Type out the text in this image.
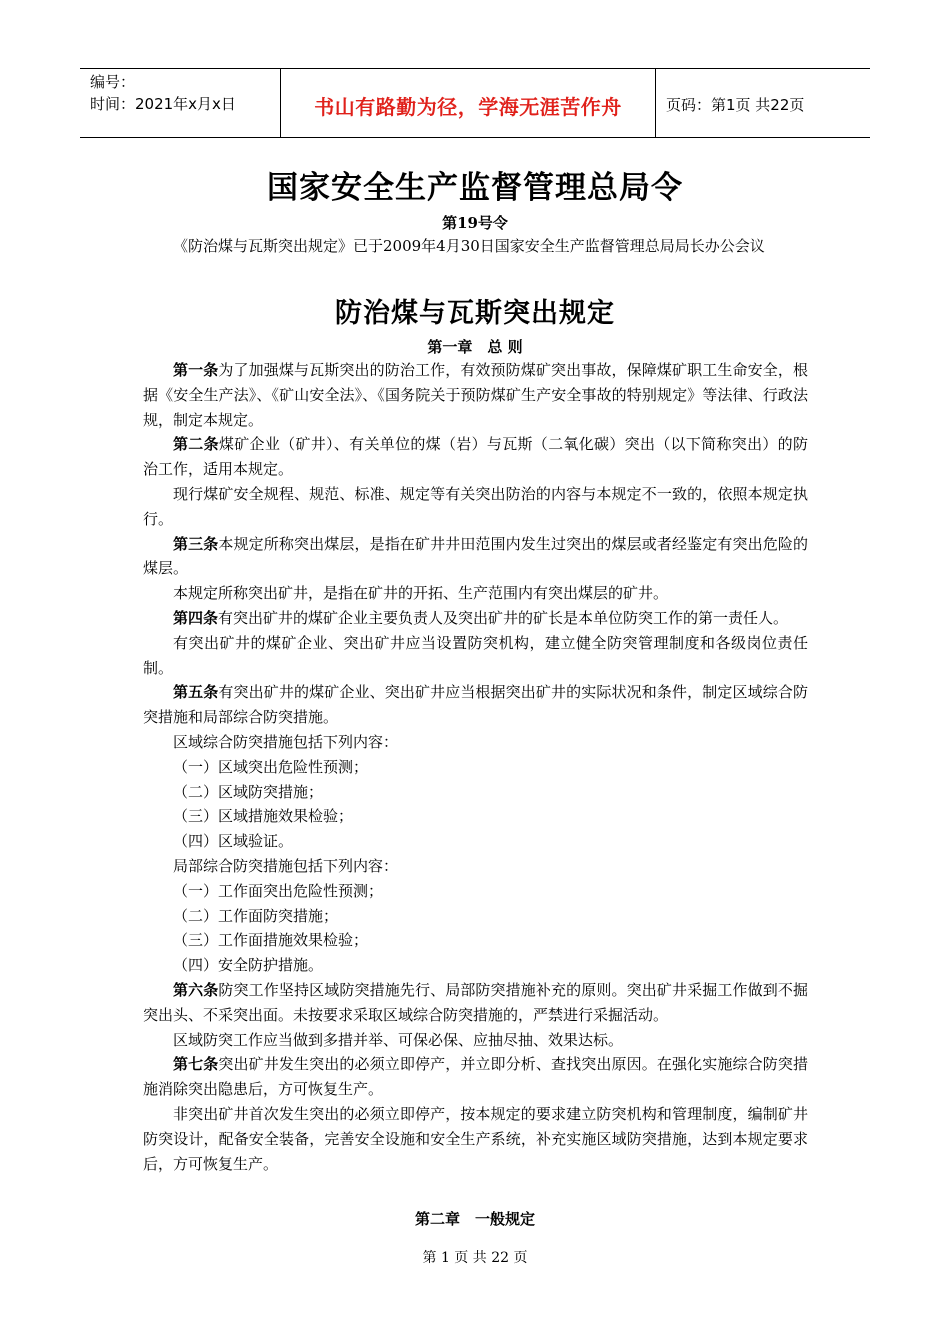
编号：
时间：2021年x月x日	书山有路勤为径，学海无涯苦作舟	页码：第1页 共22页
国家安全生产监督管理总局令
第19号令

《防治煤与瓦斯突出规定》已于2009年4月30日国家安全生产监督管理总局局长办公会议

防治煤与瓦斯突出规定
第一章　总 则

第一条为了加强煤与瓦斯突出的防治工作，有效预防煤矿突出事故，保障煤矿职工生命安全，根据《安全生产法》、《矿山安全法》、《国务院关于预防煤矿生产安全事故的特别规定》等法律、行政法规，制定本规定。

第二条煤矿企业（矿井）、有关单位的煤（岩）与瓦斯（二氧化碳）突出（以下简称突出）的防治工作，适用本规定。

现行煤矿安全规程、规范、标准、规定等有关突出防治的内容与本规定不一致的，依照本规定执行。

第三条本规定所称突出煤层，是指在矿井井田范围内发生过突出的煤层或者经鉴定有突出危险的煤层。

本规定所称突出矿井，是指在矿井的开拓、生产范围内有突出煤层的矿井。

第四条有突出矿井的煤矿企业主要负责人及突出矿井的矿长是本单位防突工作的第一责任人。

有突出矿井的煤矿企业、突出矿井应当设置防突机构，建立健全防突管理制度和各级岗位责任制。

第五条有突出矿井的煤矿企业、突出矿井应当根据突出矿井的实际状况和条件，制定区域综合防突措施和局部综合防突措施。

区域综合防突措施包括下列内容：

（一）区域突出危险性预测；

（二）区域防突措施；

（三）区域措施效果检验；

（四）区域验证。

局部综合防突措施包括下列内容：

（一）工作面突出危险性预测；

（二）工作面防突措施；

（三）工作面措施效果检验；

（四）安全防护措施。

第六条防突工作坚持区域防突措施先行、局部防突措施补充的原则。突出矿井采掘工作做到不掘突出头、不采突出面。未按要求采取区域综合防突措施的，严禁进行采掘活动。

区域防突工作应当做到多措并举、可保必保、应抽尽抽、效果达标。

第七条突出矿井发生突出的必须立即停产，并立即分析、查找突出原因。在强化实施综合防突措施消除突出隐患后，方可恢复生产。

非突出矿井首次发生突出的必须立即停产，按本规定的要求建立防突机构和管理制度，编制矿井防突设计，配备安全装备，完善安全设施和安全生产系统，补充实施区域防突措施，达到本规定要求后，方可恢复生产。

第二章　一般规定
第 1 页 共 22 页
